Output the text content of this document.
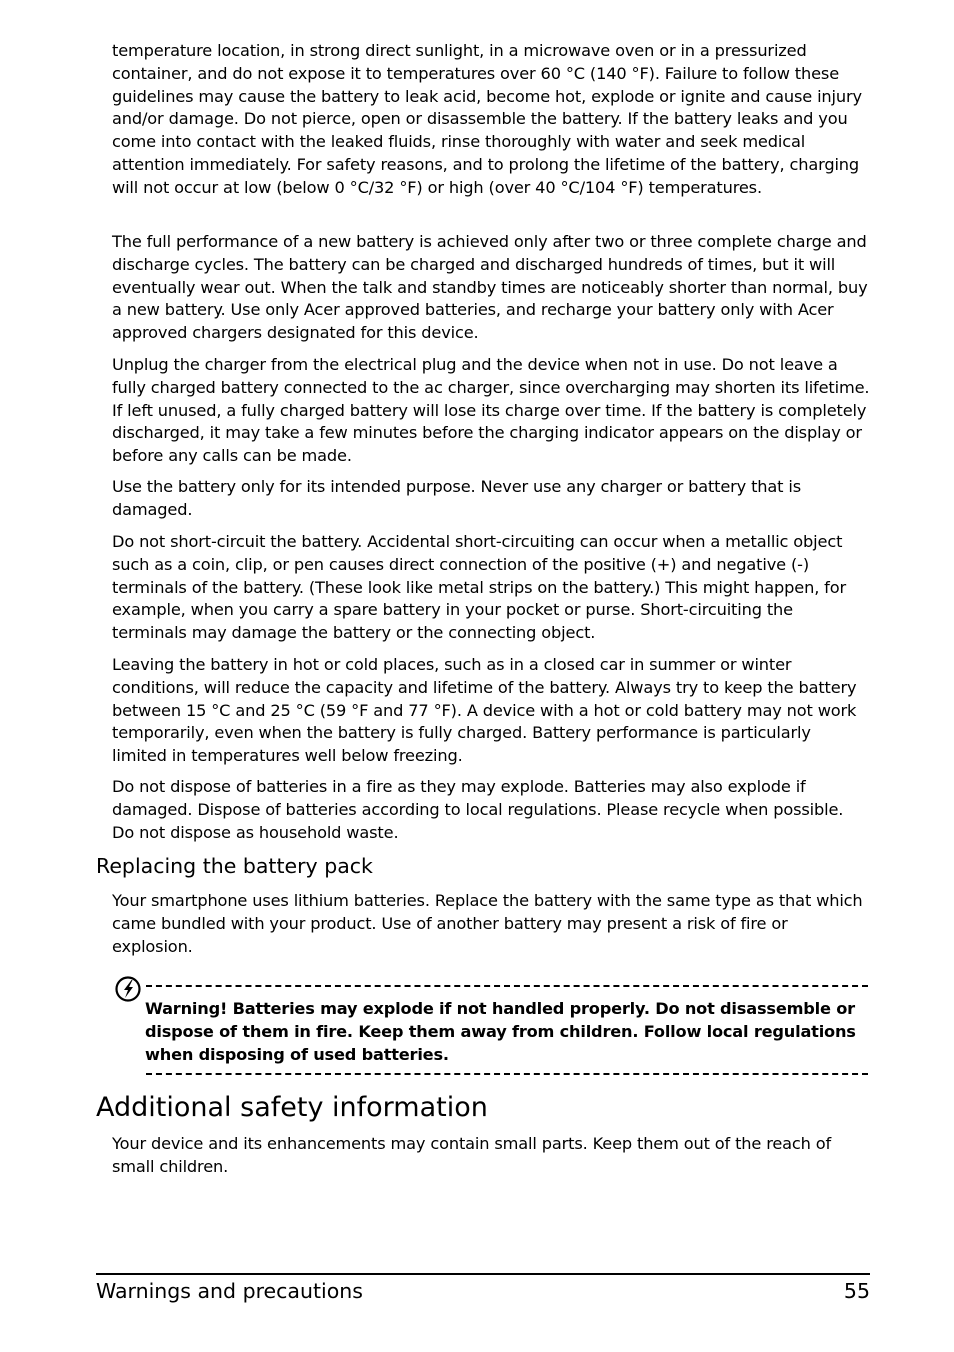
temperature location, in strong direct sunlight, in a microwave oven or in a pressurized container, and do not expose it to temperatures over 60 °C (140 °F). Failure to follow these guidelines may cause the battery to leak acid, become hot, explode or ignite and cause injury and/or damage. Do not pierce, open or disassemble the battery. If the battery leaks and you come into contact with the leaked fluids, rinse thoroughly with water and seek medical attention immediately. For safety reasons, and to prolong the lifetime of the battery, charging will not occur at low (below 0 °C/32 °F) or high (over 40 °C/104 °F) temperatures.

The full performance of a new battery is achieved only after two or three complete charge and discharge cycles. The battery can be charged and discharged hundreds of times, but it will eventually wear out. When the talk and standby times are noticeably shorter than normal, buy a new battery. Use only Acer approved batteries, and recharge your battery only with Acer approved chargers designated for this device.

Unplug the charger from the electrical plug and the device when not in use. Do not leave a fully charged battery connected to the ac charger, since overcharging may shorten its lifetime. If left unused, a fully charged battery will lose its charge over time. If the battery is completely discharged, it may take a few minutes before the charging indicator appears on the display or before any calls can be made.

Use the battery only for its intended purpose. Never use any charger or battery that is damaged.

Do not short-circuit the battery. Accidental short-circuiting can occur when a metallic object such as a coin, clip, or pen causes direct connection of the positive (+) and negative (-) terminals of the battery. (These look like metal strips on the battery.) This might happen, for example, when you carry a spare battery in your pocket or purse. Short-circuiting the terminals may damage the battery or the connecting object.

Leaving the battery in hot or cold places, such as in a closed car in summer or winter conditions, will reduce the capacity and lifetime of the battery. Always try to keep the battery between 15 °C and 25 °C (59 °F and 77 °F). A device with a hot or cold battery may not work temporarily, even when the battery is fully charged. Battery performance is particularly limited in temperatures well below freezing.

Do not dispose of batteries in a fire as they may explode. Batteries may also explode if damaged. Dispose of batteries according to local regulations. Please recycle when possible. Do not dispose as household waste.

Replacing the battery pack

Your smartphone uses lithium batteries. Replace the battery with the same type as that which came bundled with your product. Use of another battery may present a risk of fire or explosion.

Warning! Batteries may explode if not handled properly. Do not disassemble or dispose of them in fire. Keep them away from children. Follow local regulations when disposing of used batteries.

Additional safety information

Your device and its enhancements may contain small parts. Keep them out of the reach of small children.

Warnings and precautions	55
